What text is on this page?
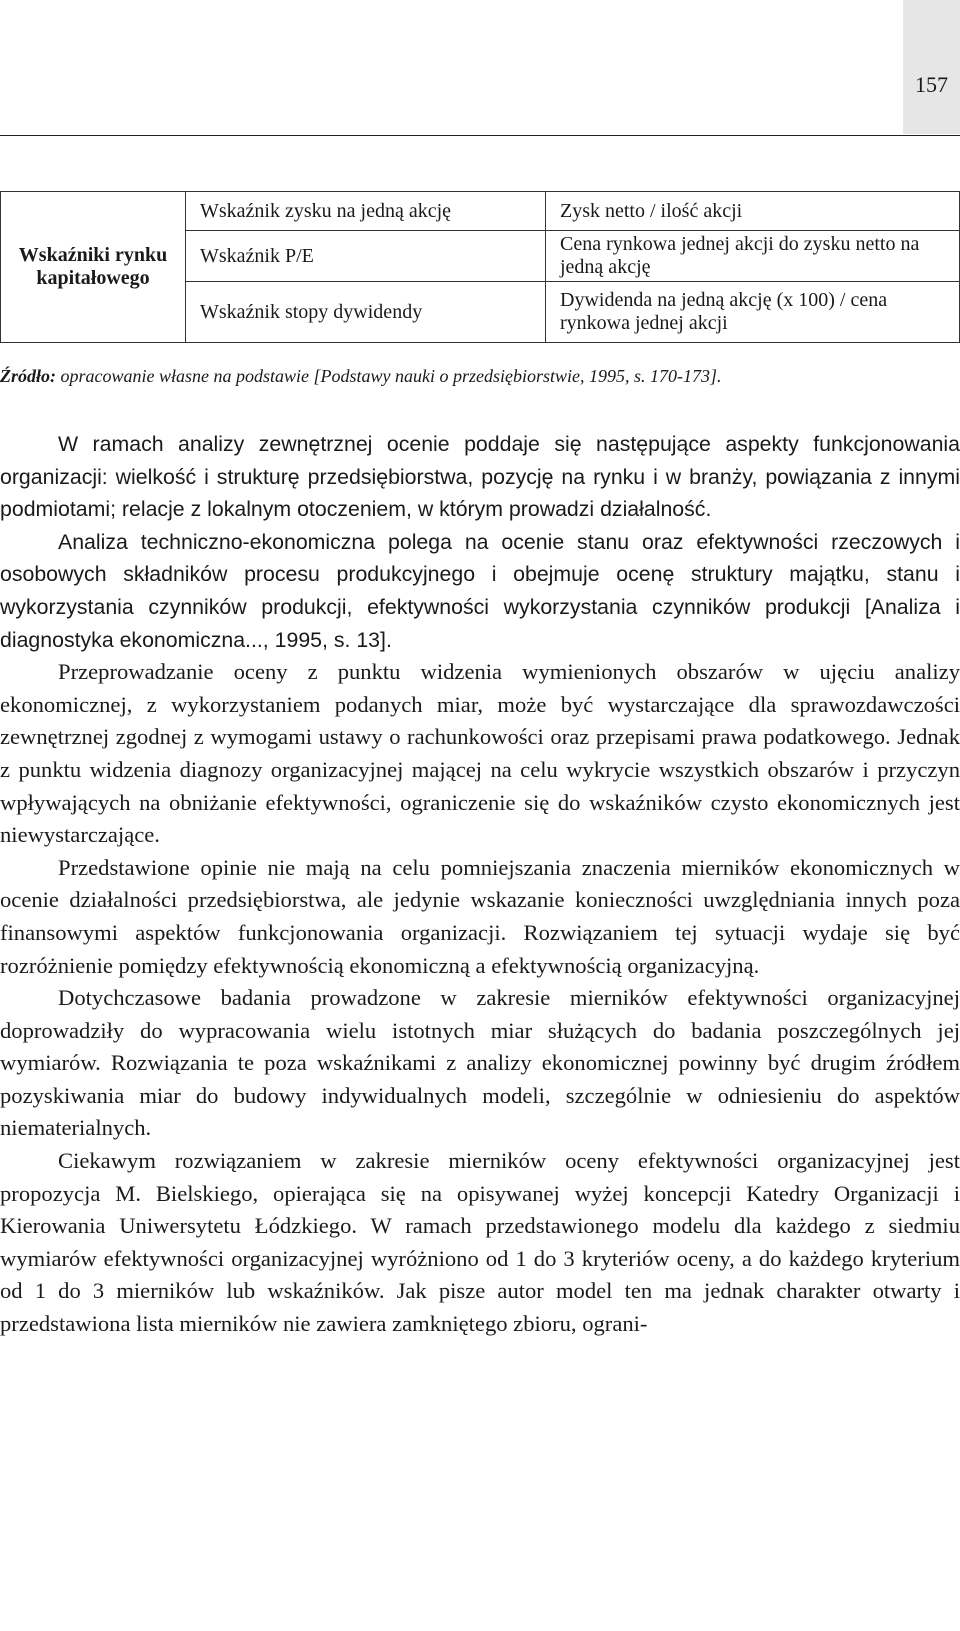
157
Wskaźniki rynku kapitałowego	Wskaźnik zysku na jedną akcję	Zysk netto / ilość akcji
	Wskaźnik P/E	Cena rynkowa jednej akcji do zysku netto na jedną akcję
	Wskaźnik stopy dywidendy	Dywidenda na jedną akcję (x 100) / cena rynkowa jednej akcji
Źródło: opracowanie własne na podstawie [Podstawy nauki o przedsiębiorstwie, 1995, s. 170-173].

W ramach analizy zewnętrznej ocenie poddaje się następujące aspekty funkcjonowania organizacji: wielkość i strukturę przedsiębiorstwa, pozycję na rynku i w branży, powiązania z innymi podmiotami; relacje z lokalnym otoczeniem, w którym prowadzi działalność.

Analiza techniczno-ekonomiczna polega na ocenie stanu oraz efektywności rzeczowych i osobowych składników procesu produkcyjnego i obejmuje ocenę struktury majątku, stanu i wykorzystania czynników produkcji, efektywności wykorzystania czynników produkcji [Analiza i diagnostyka ekonomiczna..., 1995, s. 13].

Przeprowadzanie oceny z punktu widzenia wymienionych obszarów w ujęciu analizy ekonomicznej, z wykorzystaniem podanych miar, może być wystarczające dla sprawozdawczości zewnętrznej zgodnej z wymogami ustawy o rachunkowości oraz przepisami prawa podatkowego. Jednak z punktu widzenia diagnozy organizacyjnej mającej na celu wykrycie wszystkich obszarów i przyczyn wpływających na obniżanie efektywności, ograniczenie się do wskaźników czysto ekonomicznych jest niewystarczające.

Przedstawione opinie nie mają na celu pomniejszania znaczenia mierników ekonomicznych w ocenie działalności przedsiębiorstwa, ale jedynie wskazanie konieczności uwzględniania innych poza finansowymi aspektów funkcjonowania organizacji. Rozwiązaniem tej sytuacji wydaje się być rozróżnienie pomiędzy efektywnością ekonomiczną a efektywnością organizacyjną.

Dotychczasowe badania prowadzone w zakresie mierników efektywności organizacyjnej doprowadziły do wypracowania wielu istotnych miar służących do badania poszczególnych jej wymiarów. Rozwiązania te poza wskaźnikami z analizy ekonomicznej powinny być drugim źródłem pozyskiwania miar do budowy indywidualnych modeli, szczególnie w odniesieniu do aspektów niematerialnych.

Ciekawym rozwiązaniem w zakresie mierników oceny efektywności organizacyjnej jest propozycja M. Bielskiego, opierająca się na opisywanej wyżej koncepcji Katedry Organizacji i Kierowania Uniwersytetu Łódzkiego. W ramach przedstawionego modelu dla każdego z siedmiu wymiarów efektywności organizacyjnej wyróżniono od 1 do 3 kryteriów oceny, a do każdego kryterium od 1 do 3 mierników lub wskaźników. Jak pisze autor model ten ma jednak charakter otwarty i przedstawiona lista mierników nie zawiera zamkniętego zbioru, ograni-
